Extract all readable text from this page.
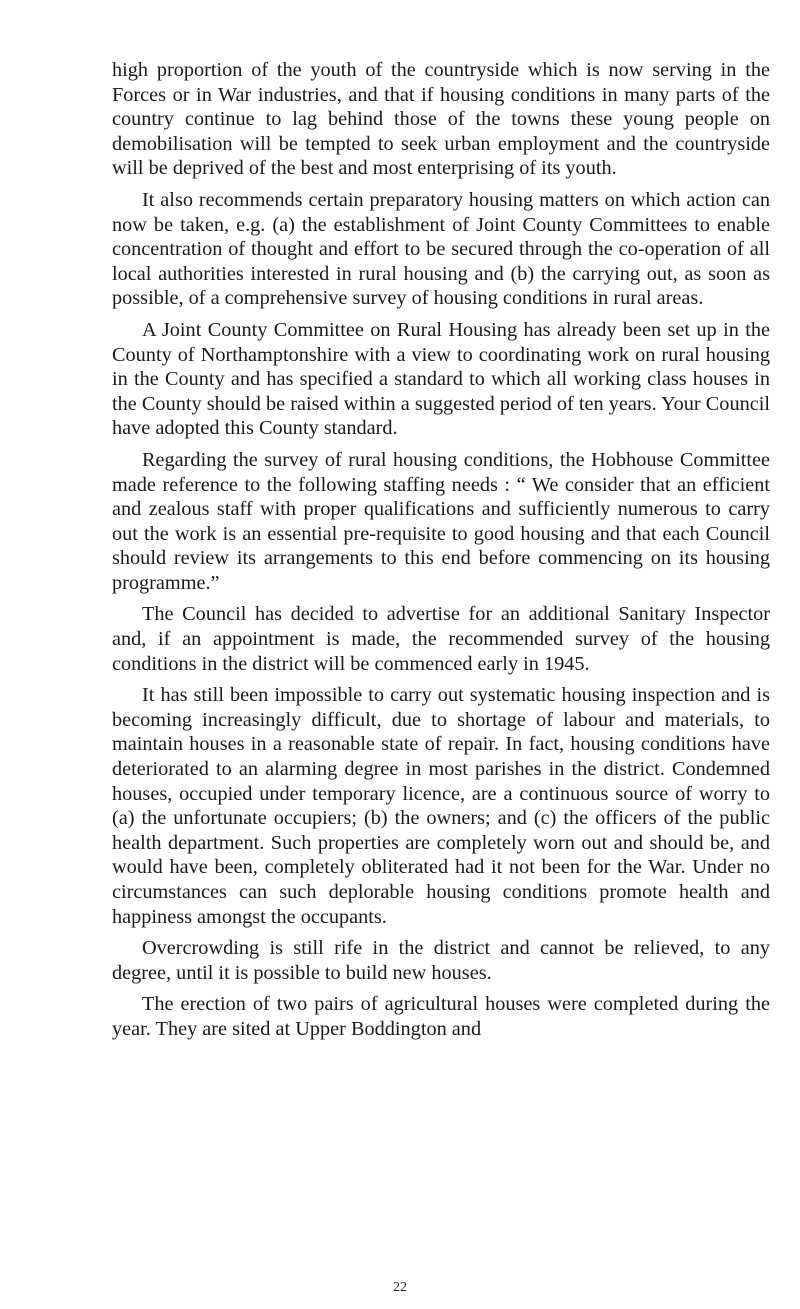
high proportion of the youth of the countryside which is now serving in the Forces or in War industries, and that if housing conditions in many parts of the country continue to lag behind those of the towns these young people on demobilisation will be tempted to seek urban employment and the countryside will be deprived of the best and most enterprising of its youth.

It also recommends certain preparatory housing matters on which action can now be taken, e.g. (a) the establishment of Joint County Committees to enable concentration of thought and effort to be secured through the co-operation of all local authorities interested in rural housing and (b) the carrying out, as soon as possible, of a comprehensive survey of housing conditions in rural areas.

A Joint County Committee on Rural Housing has already been set up in the County of Northamptonshire with a view to coordinating work on rural housing in the County and has specified a standard to which all working class houses in the County should be raised within a suggested period of ten years. Your Council have adopted this County standard.

Regarding the survey of rural housing conditions, the Hobhouse Committee made reference to the following staffing needs : “ We consider that an efficient and zealous staff with proper qualifications and sufficiently numerous to carry out the work is an essential pre-requisite to good housing and that each Council should review its arrangements to this end before commencing on its housing programme.”

The Council has decided to advertise for an additional Sanitary Inspector and, if an appointment is made, the recommended survey of the housing conditions in the district will be commenced early in 1945.

It has still been impossible to carry out systematic housing inspection and is becoming increasingly difficult, due to shortage of labour and materials, to maintain houses in a reasonable state of repair. In fact, housing conditions have deteriorated to an alarming degree in most parishes in the district. Condemned houses, occupied under temporary licence, are a continuous source of worry to (a) the unfortunate occupiers; (b) the owners; and (c) the officers of the public health department. Such properties are completely worn out and should be, and would have been, completely obliterated had it not been for the War. Under no circumstances can such deplorable housing conditions promote health and happiness amongst the occupants.

Overcrowding is still rife in the district and cannot be relieved, to any degree, until it is possible to build new houses.

The erection of two pairs of agricultural houses were completed during the year. They are sited at Upper Boddington and

22
